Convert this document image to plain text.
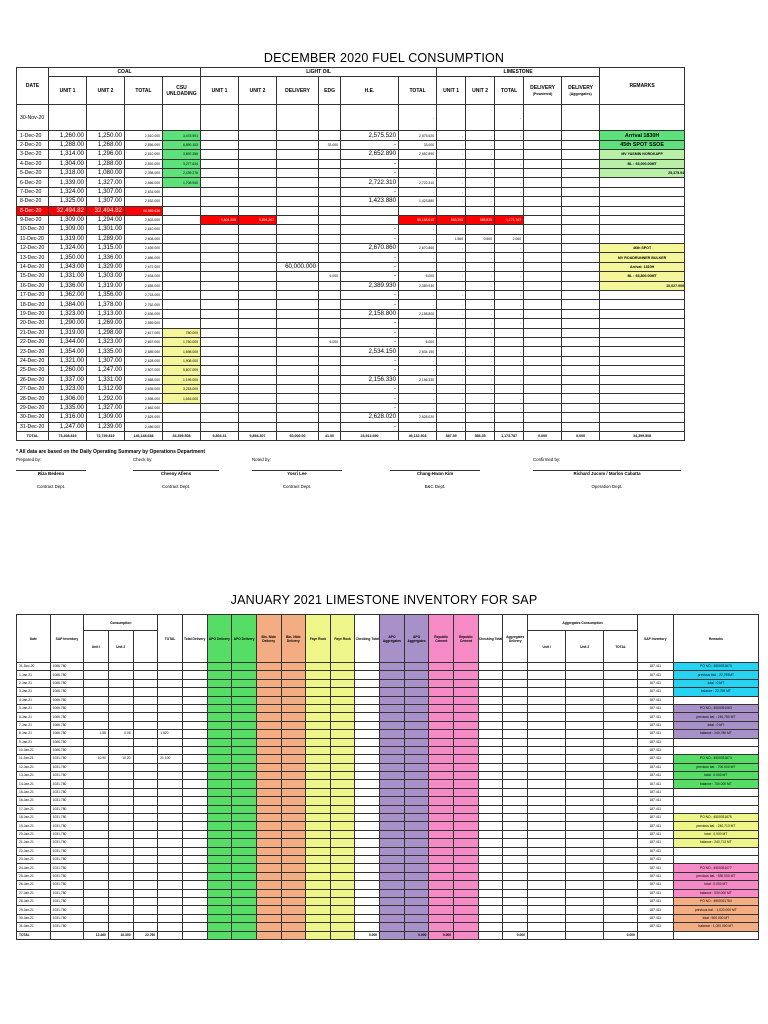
DECEMBER 2020 FUEL CONSUMPTION
DATE	COAL				LIGHT OIL						LIMESTONE					REMARKS
	UNIT 1	UNIT 2	TOTAL	CSU UNLOADING	UNIT 1	UNIT 2	DELIVERY	EDG	H.E.	TOTAL	UNIT 1	UNIT 2	TOTAL	DELIVERY
(Powdered)	DELIVERY
(Aggregates)	
30-Nov-20										-			-			
1-Dec-20	1,260.00	1,250.00	2,510.000	3,478.901					2,575.520	2,575.520	-	-	-			Arrival 1830H
2-Dec-20	1,288.00	1,268.00	2,556.000	6,890.153				33.000	-	33.000	-	-	-			45th SPOT SSOE
3-Dec-20	1,314.00	1,296.00	2,610.000	3,892.356					2,652.890	2,652.890	-	-	-			MV YASMIN NORDKAPP
4-Dec-20	1,304.00	1,288.00	2,592.000	3,277.634					-	-	-	-	-			BL : 65,000.00MT
5-Dec-20	1,318.00	1,080.00	2,398.000	2,439.276					-	-	-	-	-			25,375.94
6-Dec-20	1,339.00	1,327.00	2,666.000	1,708.940					2,722.310	2,722.310	-	-	-			
7-Dec-20	1,324.00	1,307.00	2,631.000						-	-	-	-	-			
8-Dec-20	1,325.00	1,307.00	2,632.000						1,423.880	1,423.880	-	-	-			
8-Dec-20	32,494.82	32,494.82	64,989.638													
9-Dec-20	1,309.00	1,294.00	2,603.000		9,804.305	9,894.307				55,168.610	583.393	585.835	1,171.767			
10-Dec-20	1,309.00	1,301.00	2,610.000						-	-	-	-	-			
11-Dec-20	1,319.00	1,289.00	2,608.000						-	-	1.560	0.500	2.060			
12-Dec-20	1,324.00	1,315.00	2,639.000						2,670.860	2,670.860	-	-	-			46th SPOT
13-Dec-20	1,350.00	1,336.00	2,686.000						-	-	-	-	-			MV ROADRUNNER BULKER
14-Dec-20	1,343.00	1,329.00	2,672.000				60,000.000		-	-	-	-	-			Arrival: 1810H
15-Dec-20	1,331.00	1,303.00	2,634.000					6.000	-	6.000	-	-	-			BL : 65,800.00MT
16-Dec-20	1,336.00	1,319.00	2,655.000						2,389.930	2,389.930	-	-	-			10,027.000
17-Dec-20	1,362.00	1,356.00	2,718.000						-	-	-	-	-			
18-Dec-20	1,384.00	1,378.00	2,762.000						-	-	-	-	-			
19-Dec-20	1,323.00	1,313.00	2,636.000						2,158.800	2,158.800	-	-	-			
20-Dec-20	1,290.00	1,269.00	2,559.000						-	-	-	-	-			
21-Dec-20	1,319.00	1,298.00	2,617.000	780.000					-	-	-	-	-			
22-Dec-20	1,344.00	1,323.00	2,667.000	1,760.000				6.000	-	6.000	-	-	-			
23-Dec-20	1,354.00	1,335.00	2,689.000	1,698.000					2,534.150	2,534.150	-	-	-			
24-Dec-20	1,321.00	1,307.00	2,628.000	1,908.000					-	-	-	-	-			
25-Dec-20	1,260.00	1,247.00	2,507.000	5,807.000					-	-	-	-	-			
26-Dec-20	1,337.00	1,331.00	2,668.000	1,199.000					2,156.330	2,156.330	-	-	-			
27-Dec-20	1,323.00	1,312.00	2,635.000	3,218.000					-	-	-	-	-			
28-Dec-20	1,306.00	1,292.00	2,598.000	1,616.000					-	-	-	-	-			
29-Dec-20	1,335.00	1,327.00	2,662.000						-	-	-	-	-			
30-Dec-20	1,316.00	1,309.00	2,625.000						2,628.020	2,628.020	-	-	-			
31-Dec-20	1,247.00	1,239.00	2,486.000						-	-	-	-	-			
TOTAL	73,408.819	72,739.819	146,148.638	34,399.508	9,804.31	9,894.307	60,000.00	41.00	23,912.690	49,132.303	587.39	586.35	1,173.787	0.000	0.000	34,399.508
* All data are based on the Daily Operating Summary by Operations Department
Prepared by:	Check by:	Noted by:	Confirmed by:
Riza Bedeno
Contract Dept.
Cheeny Afiens
Contract Dept.
Yosri Lee
Contract Dept.
Chang-Hwan Kim
B&C Dept.
Richard Jucom / Marlon Cabatta
Operation Dept.
JANUARY 2021 LIMESTONE INVENTORY FOR SAP
Date	SAP Inventory	Consumption			TOTAL	Total Delivery	APO Delivery	APO Delivery	Bin. Nido Delivery	Bin. Nido Delivery	Faye Rock	Faye Rock	Checking Total	APO Aggregates	APO Aggregates	Republic Cement	Republic Cement	Checking Total	Aggregates Delivery	Aggregates Consumption			SAP Inventory	Remarks
		Unit I	Unit 2																	Unit I	Unit 2	TOTAL		

31-Dec-20	1066.780																						187.411	PO NO.: 4500031673
1-Jan-21	1066.780																						187.411	previous bal. : 22,759MT
2-Jan-21	1066.780																						187.411	total : 0 MT
3-Jan-21	1066.780																						187.411	balance : 22,759 MT
4-Jan-21	1066.780																						187.411	
5-Jan-21	1066.780																						187.411	PO NO.: 4500031063
6-Jan-21	1066.780																						187.411	previous bal. : 240,780 MT
7-Jan-21	1066.780																						187.411	total : 0 MT
8-Jan-21	1066.780	1.56	0.06		1.620																		187.411	balance : 240,780 MT
9-Jan-21	1066.780																						187.411	
10-Jan-21	1066.780																						187.411	
11-Jan-21	1031.780	10.90	10.20		21.100																		187.411	PO NO.: 4500031674
12-Jan-21	1031.780																						187.411	previous bal. : 700.000 MT
13-Jan-21	1031.780																						187.411	total : 0.000 MT
14-Jan-21	1031.780																						187.411	balance : 700.000 MT
15-Jan-21	1031.780																						187.411	
16-Jan-21	1031.780																						187.411	
17-Jan-21	1031.780																						187.411	
18-Jan-21	1031.780																						187.411	PO NO.: 4500031675
19-Jan-21	1031.780																						187.411	previous bal. : 240,713 MT
20-Jan-21	1031.780																						187.411	total : 0.000 MT
21-Jan-21	1031.780																						187.411	balance : 240,713 MT
22-Jan-21	1031.780																						187.411	
23-Jan-21	1031.780																						187.411	
24-Jan-21	1031.780																						187.411	PO NO.: 4500031077
25-Jan-21	1031.780																						187.411	previous bal. : 530.000 MT
26-Jan-21	1031.780																						187.411	total : 0.000 MT
27-Jan-21	1031.780																						187.411	balance : 530.000 MT
28-Jan-21	1031.780																						187.411	PO NO.: 4500031784
29-Jan-21	1031.780																						187.411	previous bal. : 1,020.000 MT
30-Jan-21	1031.780																						187.411	total : 900.000 MT
31-Jan-21	1031.780																						187.411	balance : 1,020.000 MT
TOTAL		12.460	10.300	22.760									0.000		0.000	0.000			0.000			0.000		
